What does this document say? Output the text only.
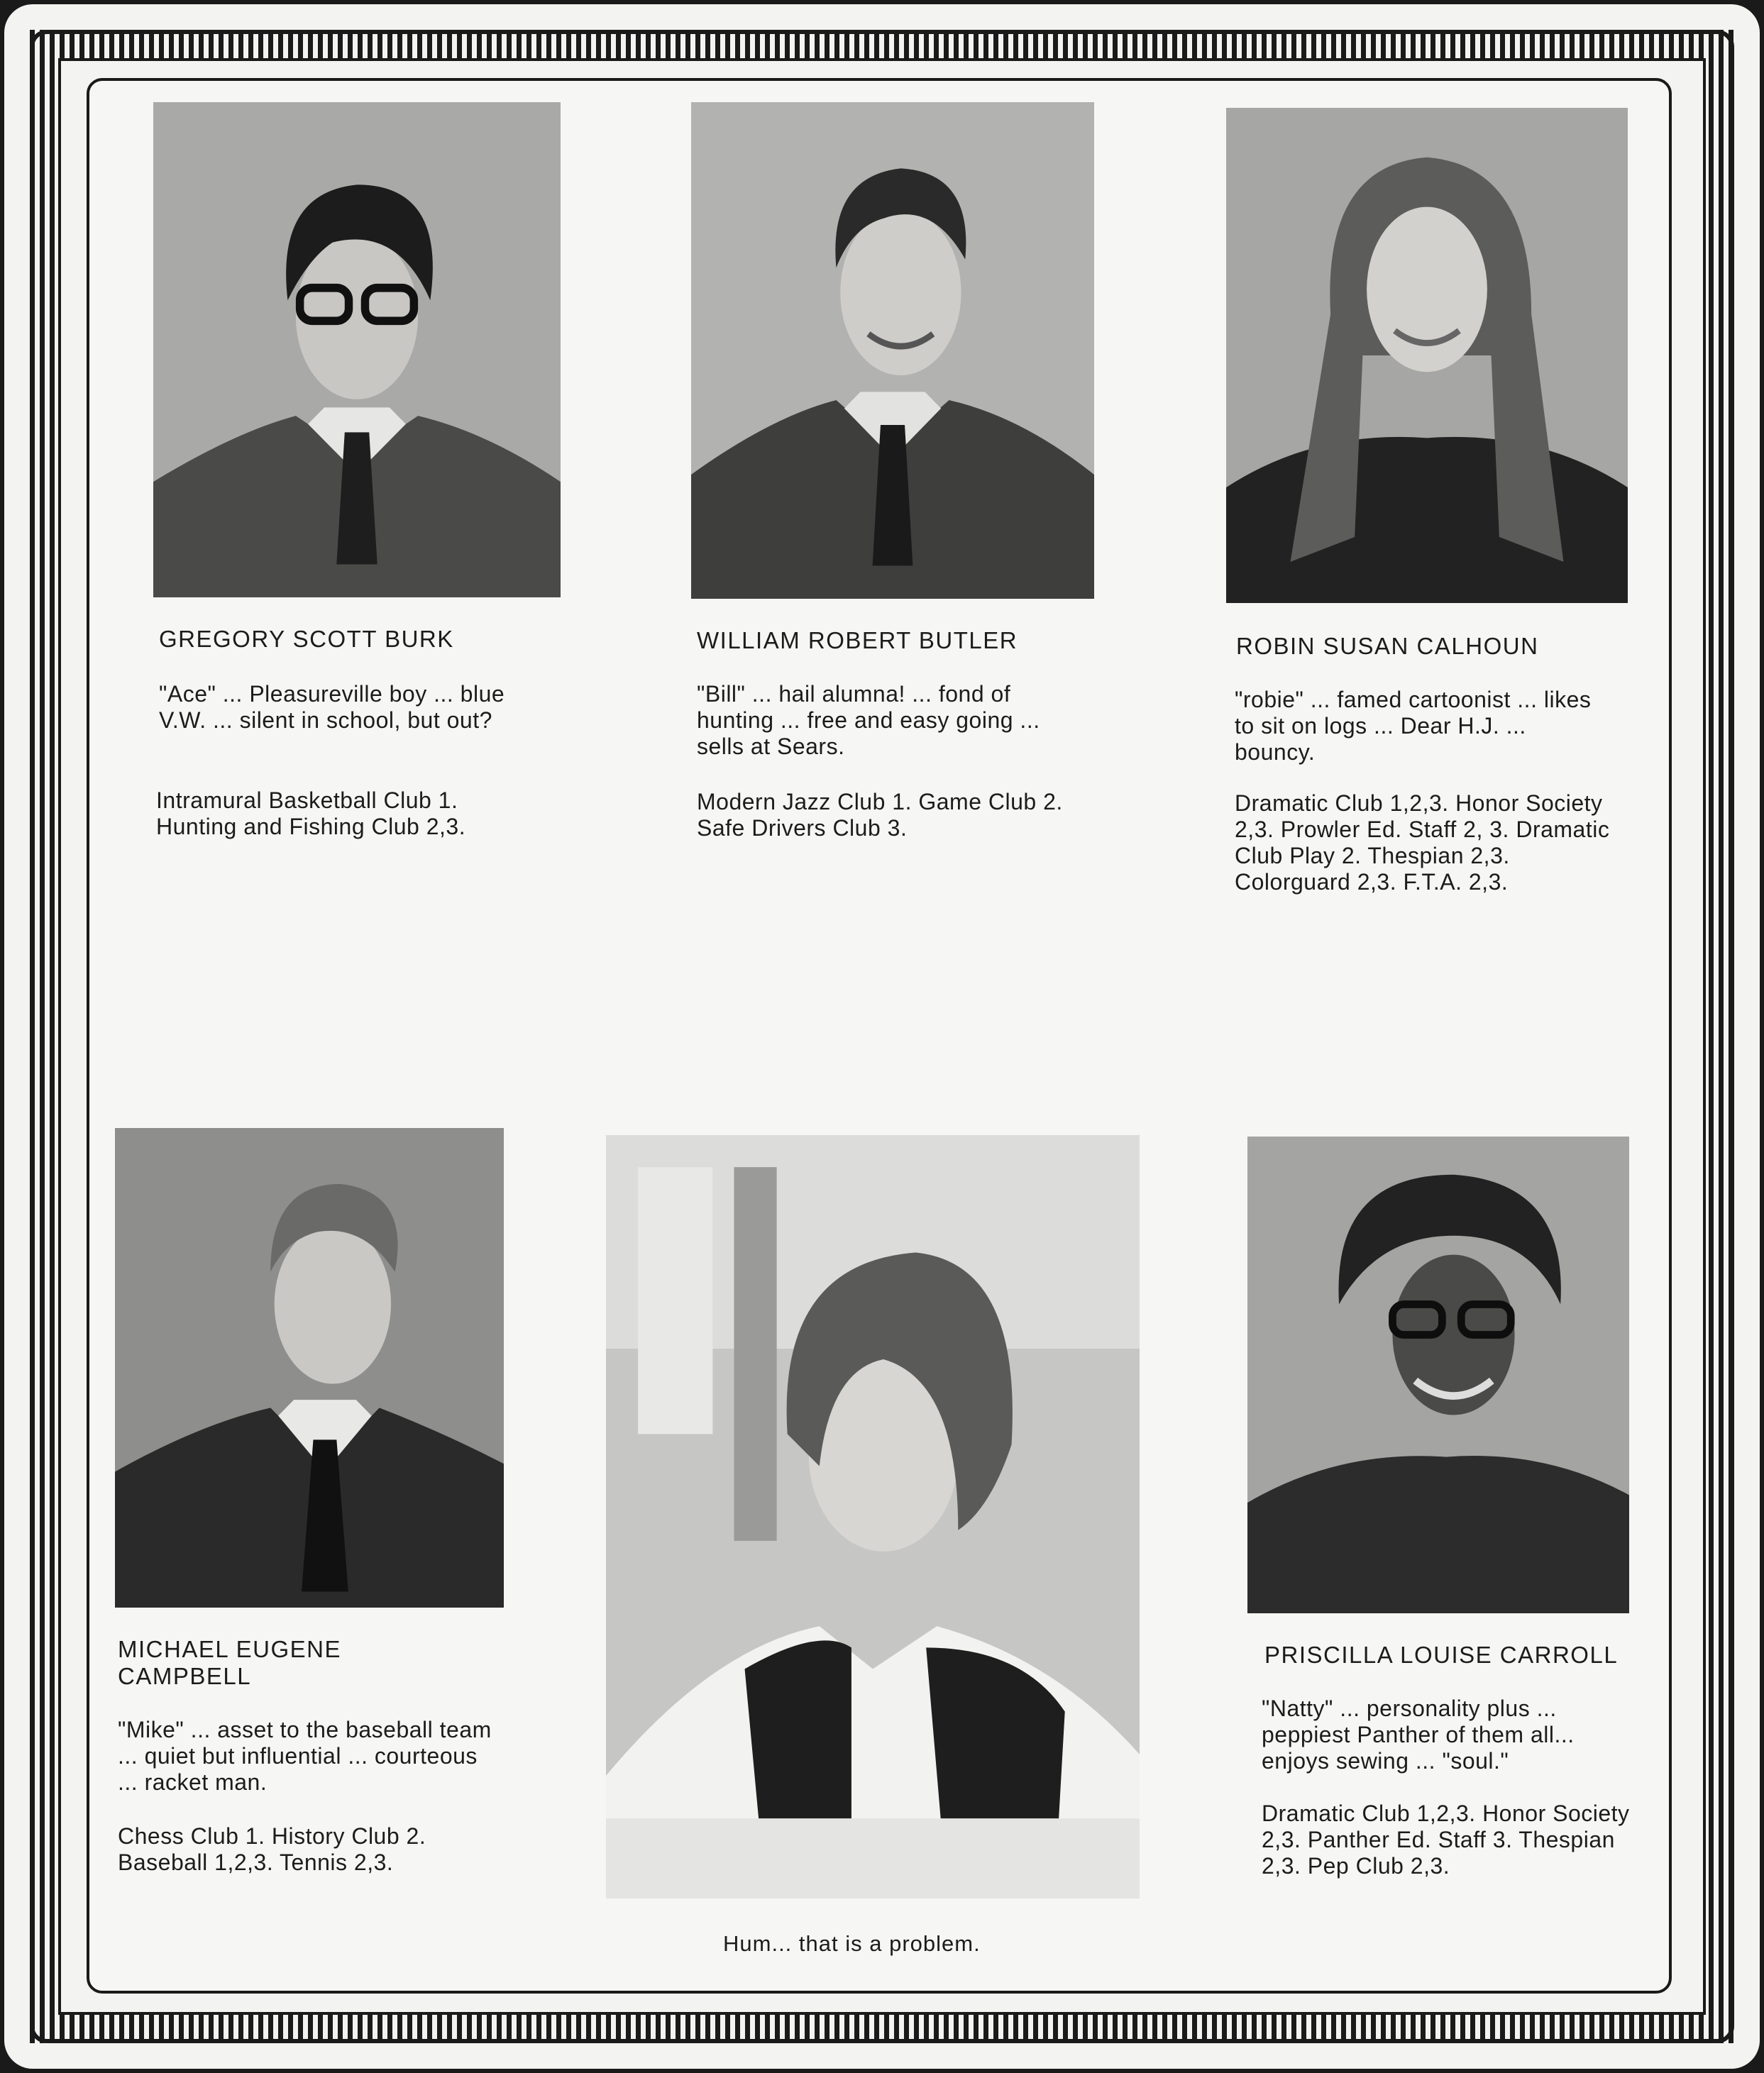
GREGORY SCOTT BURK
"Ace" ... Pleasureville boy ... blue V.W. ... silent in school, but out?
Intramural Basketball Club 1. Hunting and Fishing Club 2,3.
WILLIAM ROBERT BUTLER
"Bill" ... hail alumna! ... fond of hunting ... free and easy going ... sells at Sears.
Modern Jazz Club 1. Game Club 2. Safe Drivers Club 3.
ROBIN SUSAN CALHOUN
"robie" ... famed cartoonist ... likes to sit on logs ... Dear H.J. ... bouncy.
Dramatic Club 1,2,3. Honor Society 2,3. Prowler Ed. Staff 2, 3. Dramatic Club Play 2. Thespian 2,3. Colorguard 2,3. F.T.A. 2,3.
MICHAEL EUGENE CAMPBELL
"Mike" ... asset to the baseball team ... quiet but influential ... courteous ... racket man.
Chess Club 1. History Club 2. Baseball 1,2,3. Tennis 2,3.
Hum... that is a problem.
PRISCILLA LOUISE CARROLL
"Natty" ... personality plus ... peppiest Panther of them all... enjoys sewing ... "soul."
Dramatic Club 1,2,3. Honor Society 2,3. Panther Ed. Staff 3. Thespian 2,3. Pep Club 2,3.
